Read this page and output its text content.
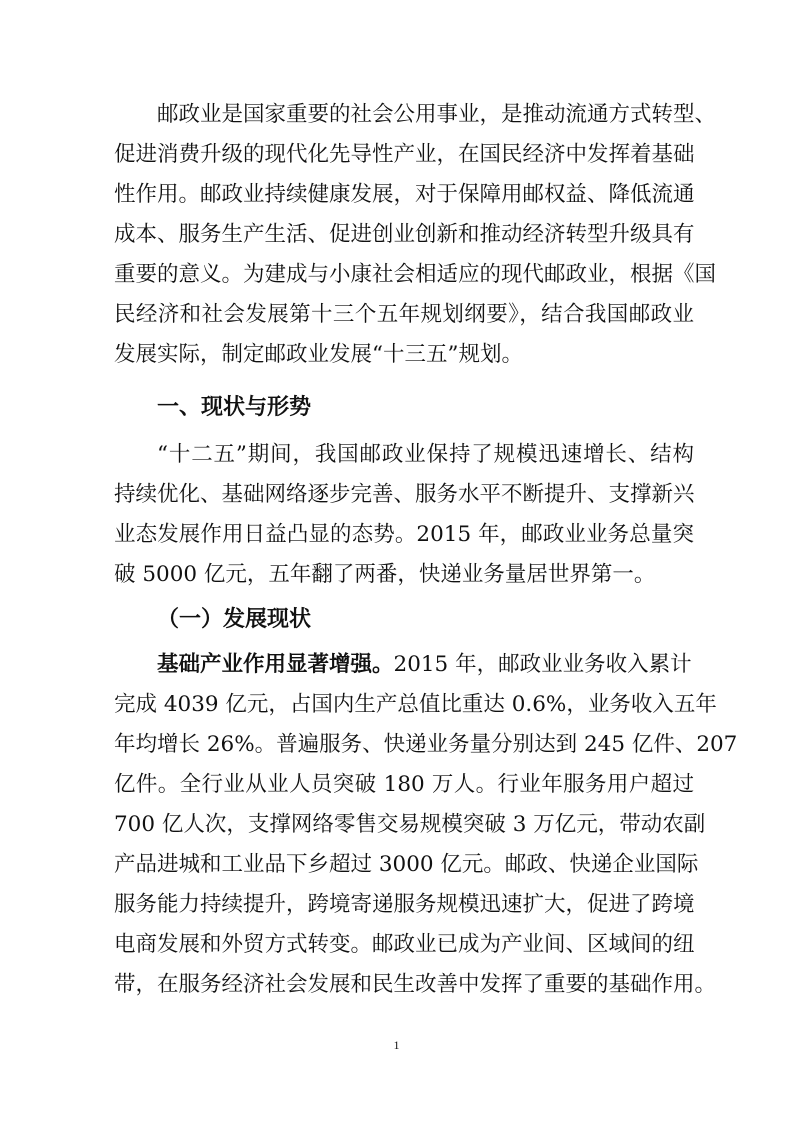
邮政业是国家重要的社会公用事业，是推动流通方式转型、
促进消费升级的现代化先导性产业，在国民经济中发挥着基础
性作用。邮政业持续健康发展，对于保障用邮权益、降低流通
成本、服务生产生活、促进创业创新和推动经济转型升级具有
重要的意义。为建成与小康社会相适应的现代邮政业，根据《国
民经济和社会发展第十三个五年规划纲要》，结合我国邮政业
发展实际，制定邮政业发展“十三五”规划。
一、现状与形势
“十二五”期间，我国邮政业保持了规模迅速增长、结构
持续优化、基础网络逐步完善、服务水平不断提升、支撑新兴
业态发展作用日益凸显的态势。2015 年，邮政业业务总量突
破 5000 亿元，五年翻了两番，快递业务量居世界第一。
（一）发展现状
基础产业作用显著增强。2015 年，邮政业业务收入累计
完成 4039 亿元，占国内生产总值比重达 0.6%，业务收入五年
年均增长 26%。普遍服务、快递业务量分别达到 245 亿件、207
亿件。全行业从业人员突破 180 万人。行业年服务用户超过
700 亿人次，支撑网络零售交易规模突破 3 万亿元，带动农副
产品进城和工业品下乡超过 3000 亿元。邮政、快递企业国际
服务能力持续提升，跨境寄递服务规模迅速扩大，促进了跨境
电商发展和外贸方式转变。邮政业已成为产业间、区域间的纽
带，在服务经济社会发展和民生改善中发挥了重要的基础作用。
1
